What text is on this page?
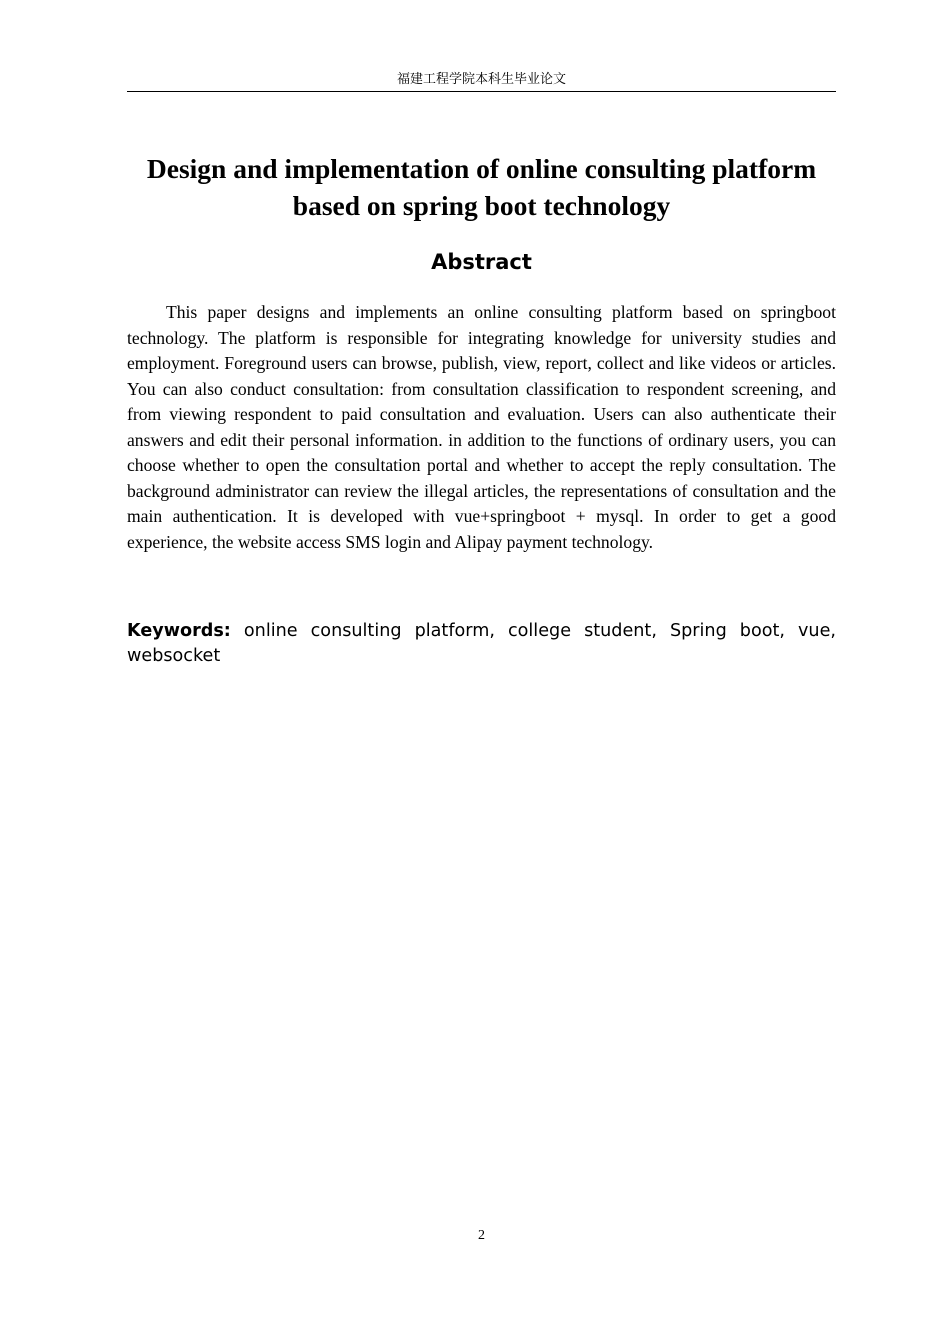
福建工程学院本科生毕业论文
Design and implementation of online consulting platform
based on spring boot technology
Abstract

This paper designs and implements an online consulting platform based on springboot technology. The platform is responsible for integrating knowledge for university studies and employment. Foreground users can browse, publish, view, report, collect and like videos or articles. You can also conduct consultation: from consultation classification to respondent screening, and from viewing respondent to paid consultation and evaluation. Users can also authenticate their answers and edit their personal information. in addition to the functions of ordinary users, you can choose whether to open the consultation portal and whether to accept the reply consultation. The background administrator can review the illegal articles, the representations of consultation and the main authentication. It is developed with vue+springboot + mysql. In order to get a good experience, the website access SMS login and Alipay payment technology.

Keywords: online consulting platform, college student, Spring boot, vue, websocket

2
